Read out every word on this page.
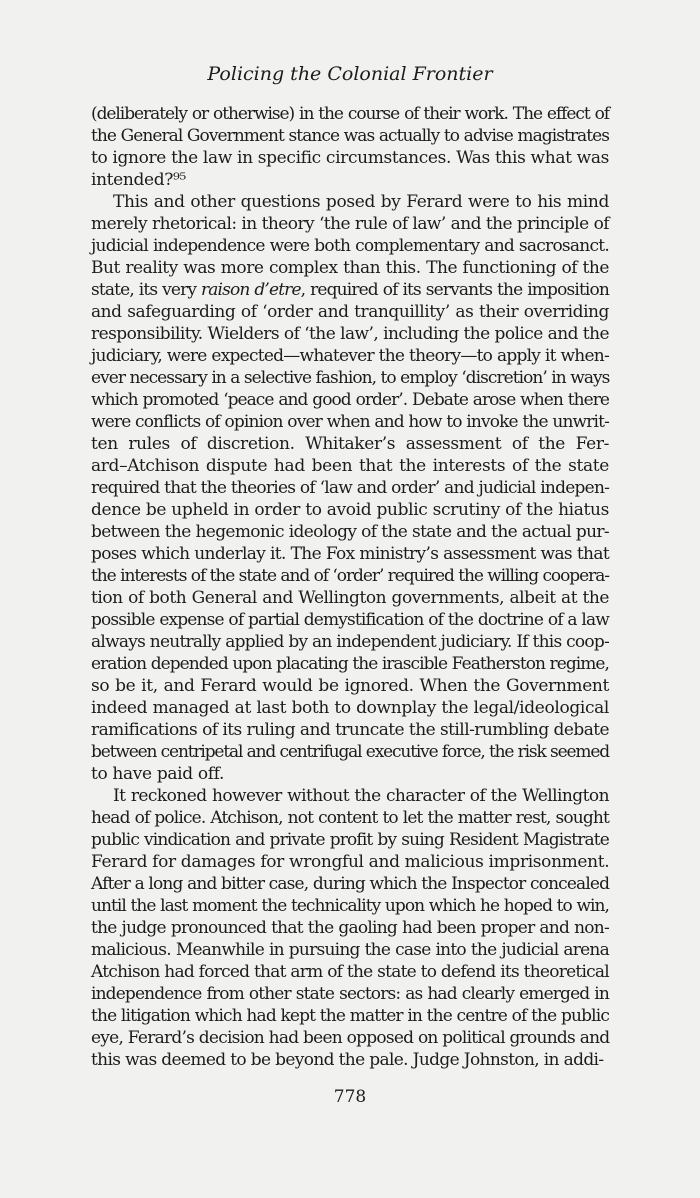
Policing the Colonial Frontier
(deliberately or otherwise) in the course of their work. The effect of
the General Government stance was actually to advise magistrates
to ignore the law in specific circumstances. Was this what was
intended?⁹⁵
This and other questions posed by Ferard were to his mind
merely rhetorical: in theory ‘the rule of law’ and the principle of
judicial independence were both complementary and sacrosanct.
But reality was more complex than this. The functioning of the
state, its very raison d’etre, required of its servants the imposition
and safeguarding of ‘order and tranquillity’ as their overriding
responsibility. Wielders of ‘the law’, including the police and the
judiciary, were expected—whatever the theory—to apply it when-
ever necessary in a selective fashion, to employ ‘discretion’ in ways
which promoted ‘peace and good order’. Debate arose when there
were conflicts of opinion over when and how to invoke the unwrit-
ten rules of discretion. Whitaker’s assessment of the Fer-
ard–Atchison dispute had been that the interests of the state
required that the theories of ‘law and order’ and judicial indepen-
dence be upheld in order to avoid public scrutiny of the hiatus
between the hegemonic ideology of the state and the actual pur-
poses which underlay it. The Fox ministry’s assessment was that
the interests of the state and of ‘order’ required the willing coopera-
tion of both General and Wellington governments, albeit at the
possible expense of partial demystification of the doctrine of a law
always neutrally applied by an independent judiciary. If this coop-
eration depended upon placating the irascible Featherston regime,
so be it, and Ferard would be ignored. When the Government
indeed managed at last both to downplay the legal/ideological
ramifications of its ruling and truncate the still-rumbling debate
between centripetal and centrifugal executive force, the risk seemed
to have paid off.
It reckoned however without the character of the Wellington
head of police. Atchison, not content to let the matter rest, sought
public vindication and private profit by suing Resident Magistrate
Ferard for damages for wrongful and malicious imprisonment.
After a long and bitter case, during which the Inspector concealed
until the last moment the technicality upon which he hoped to win,
the judge pronounced that the gaoling had been proper and non-
malicious. Meanwhile in pursuing the case into the judicial arena
Atchison had forced that arm of the state to defend its theoretical
independence from other state sectors: as had clearly emerged in
the litigation which had kept the matter in the centre of the public
eye, Ferard’s decision had been opposed on political grounds and
this was deemed to be beyond the pale. Judge Johnston, in addi-
778
